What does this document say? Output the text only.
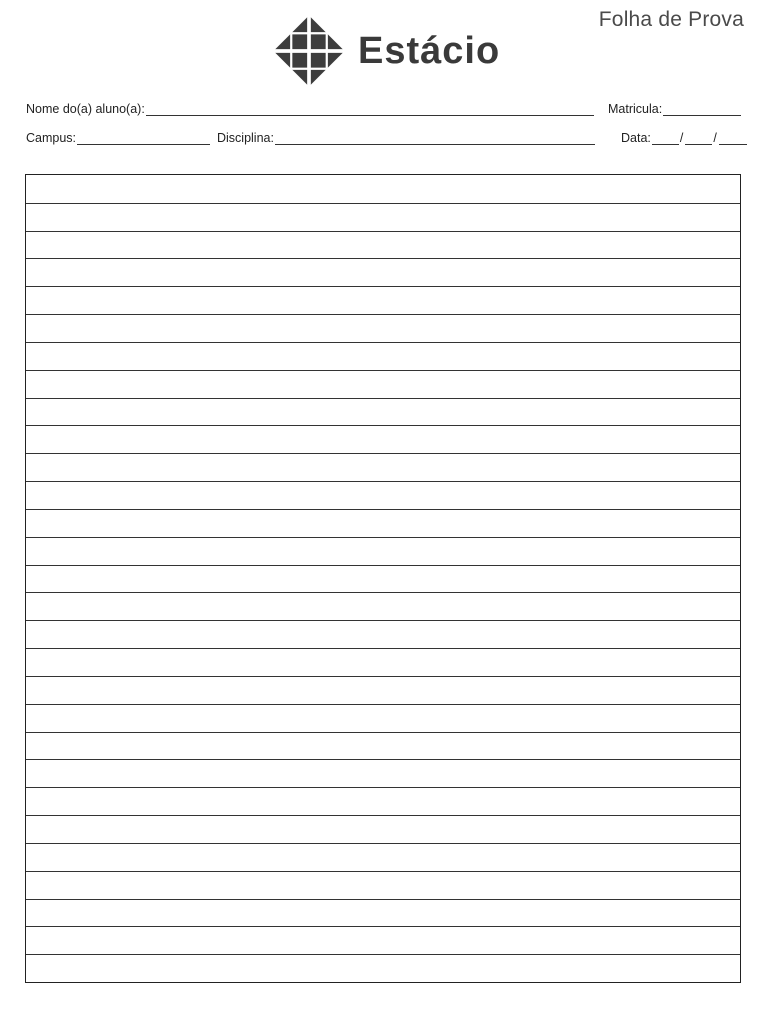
Folha de Prova
Estácio
Nome do(a) aluno(a):	Matricula:
Campus:	Disciplina:	Data: / /
